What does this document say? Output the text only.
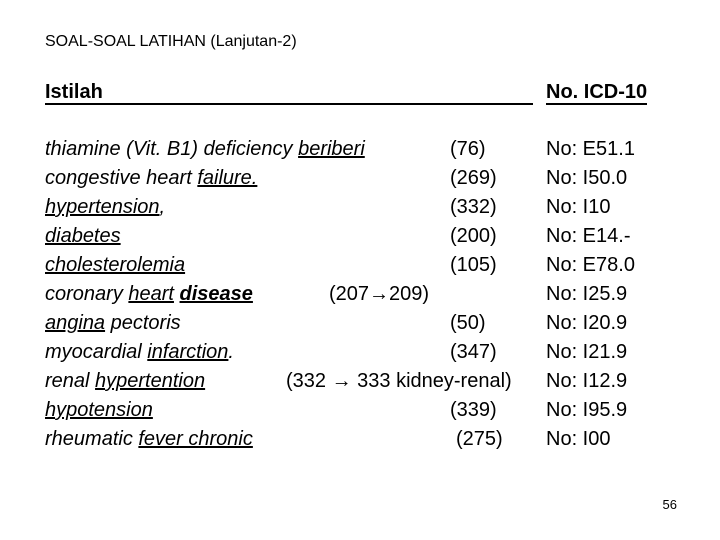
SOAL-SOAL LATIHAN (Lanjutan-2)
Istilah	No. ICD-10
thiamine (Vit. B1) deficiency beriberi	(76)	No: E51.1
congestive heart failure.	(269) No: I50.0
hypertension,	(332) No: I10
diabetes	(200) No: E14.-
cholesterolemia	(105) No: E78.0
coronary heart disease	(207→209)	No: I25.9
angina pectoris	(50)	No: I20.9
myocardial infarction.	(347) No: I21.9
renal hypertention	(332 → 333 kidney-renal) No: I12.9
hypotension	(339) No: I95.9
rheumatic fever chronic	(275) No: I00
56
